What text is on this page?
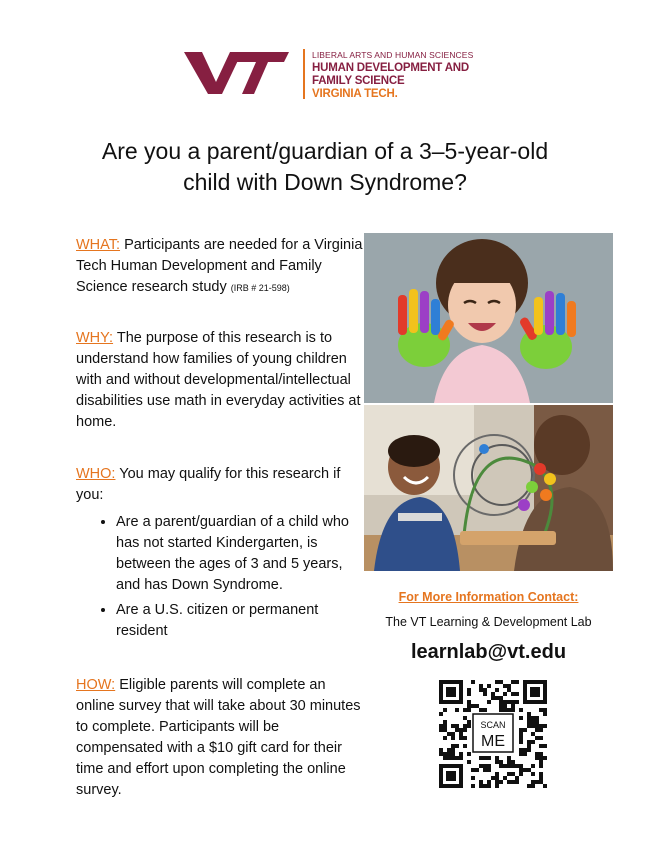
LIBERAL ARTS AND HUMAN SCIENCES
HUMAN DEVELOPMENT AND
FAMILY SCIENCE
VIRGINIA TECH.
Are you a parent/guardian of a 3–5-year-old
child with Down Syndrome?
WHAT: Participants are needed for a Virginia Tech Human Development and Family Science research study (IRB # 21-598)
WHY: The purpose of this research is to understand how families of young children with and without developmental/intellectual disabilities use math in everyday activities at home.
WHO: You may qualify for this research if you:
• Are a parent/guardian of a child who has not started Kindergarten, is between the ages of 3 and 5 years, and has Down Syndrome.
• Are a U.S. citizen or permanent resident
HOW: Eligible parents will complete an online survey that will take about 30 minutes to complete. Participants will be compensated with a $10 gift card for their time and effort upon completing the online survey.
For More Information Contact:
The VT Learning & Development Lab
learnlab@vt.edu
SCAN
ME
